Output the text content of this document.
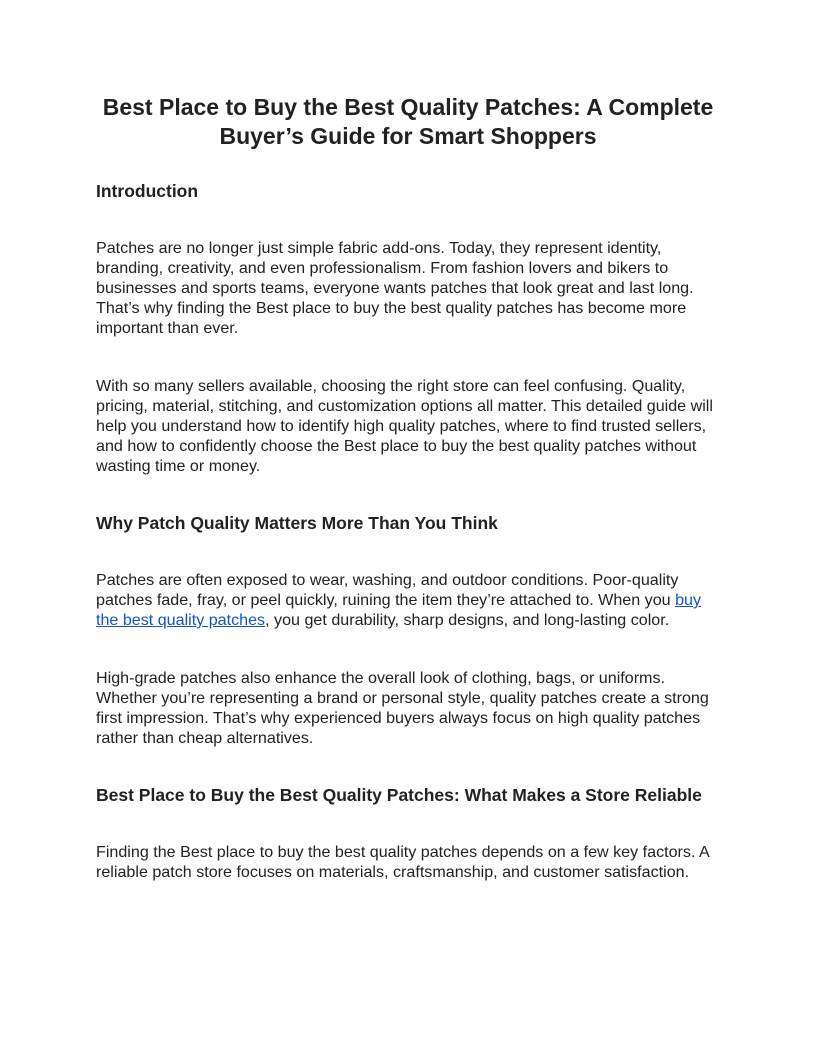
Best Place to Buy the Best Quality Patches: A Complete Buyer’s Guide for Smart Shoppers
Introduction

Patches are no longer just simple fabric add-ons. Today, they represent identity, branding, creativity, and even professionalism. From fashion lovers and bikers to businesses and sports teams, everyone wants patches that look great and last long. That’s why finding the Best place to buy the best quality patches has become more important than ever.

With so many sellers available, choosing the right store can feel confusing. Quality, pricing, material, stitching, and customization options all matter. This detailed guide will help you understand how to identify high quality patches, where to find trusted sellers, and how to confidently choose the Best place to buy the best quality patches without wasting time or money.

Why Patch Quality Matters More Than You Think

Patches are often exposed to wear, washing, and outdoor conditions. Poor-quality patches fade, fray, or peel quickly, ruining the item they’re attached to. When you buy the best quality patches, you get durability, sharp designs, and long-lasting color.

High-grade patches also enhance the overall look of clothing, bags, or uniforms. Whether you’re representing a brand or personal style, quality patches create a strong first impression. That’s why experienced buyers always focus on high quality patches rather than cheap alternatives.

Best Place to Buy the Best Quality Patches: What Makes a Store Reliable

Finding the Best place to buy the best quality patches depends on a few key factors. A reliable patch store focuses on materials, craftsmanship, and customer satisfaction.
